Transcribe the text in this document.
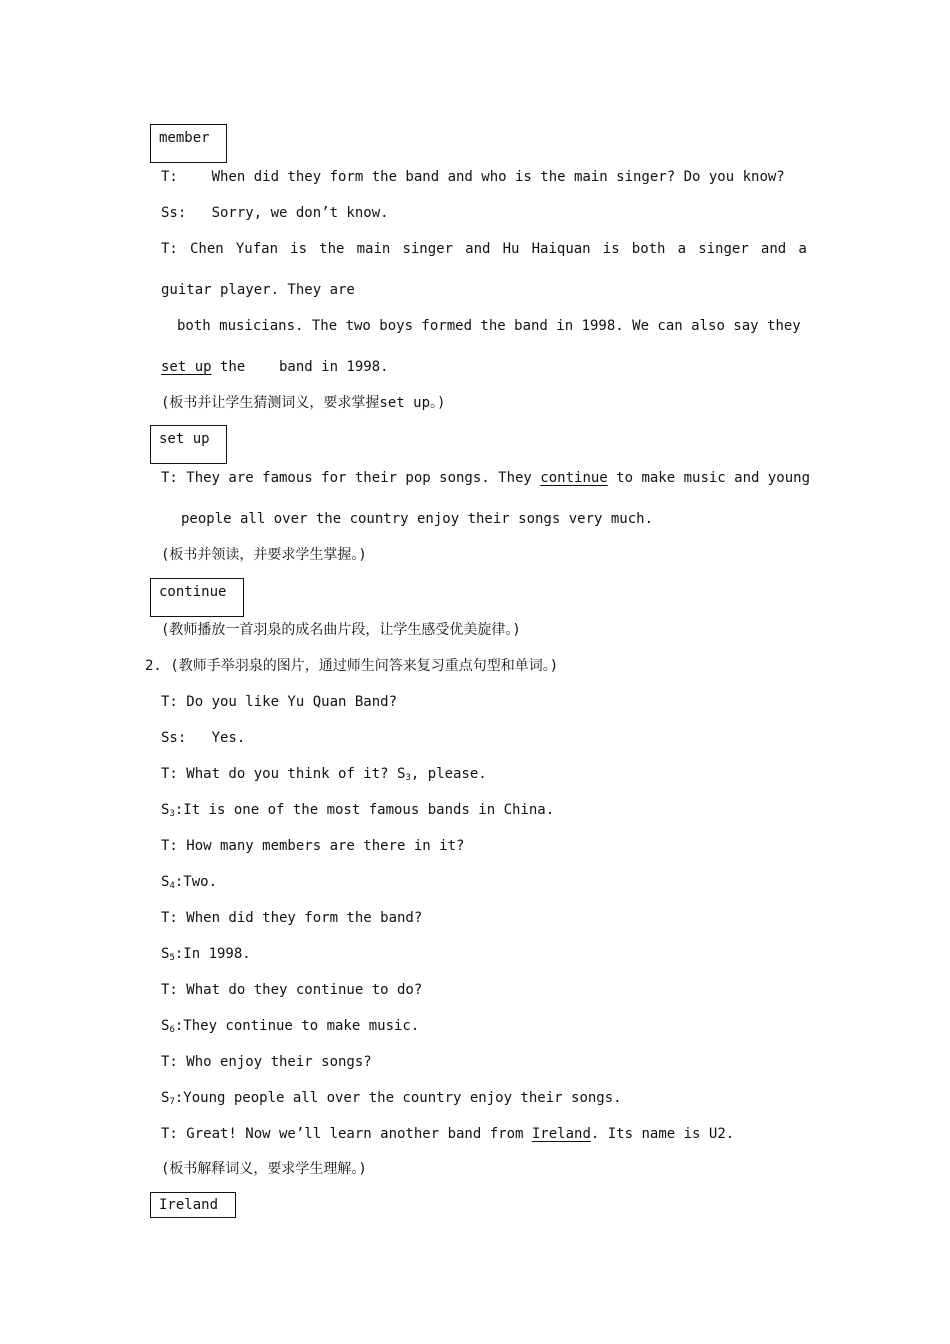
member

T:    When did they form the band and who is the main singer? Do you know?

Ss:   Sorry, we don’t know.

T: Chen Yufan is the main singer and Hu Haiquan is both a singer and a

guitar player. They are

both musicians. The two boys formed the band in 1998. We can also say they

set up the    band in 1998.

(板书并让学生猜测词义，要求掌握set up。)

set up

T: They are famous for their pop songs. They continue to make music and young

people all over the country enjoy their songs very much.

(板书并领读，并要求学生掌握。)

continue

(教师播放一首羽泉的成名曲片段，让学生感受优美旋律。)

2. (教师手举羽泉的图片，通过师生问答来复习重点句型和单词。)

T: Do you like Yu Quan Band?

Ss:   Yes.

T: What do you think of it? $S_3$, please.

$S_3:It$ is one of the most famous bands in China.

T: How many members are there in it?

$S_4:Two$.

T: When did they form the band?

$S_5:In$ 1998.

T: What do they continue to do?

$S_6:They$ continue to make music.

T: Who enjoy their songs?

$S_7:Young$ people all over the country enjoy their songs.

T: Great! Now we’ll learn another band from Ireland. Its name is U2.

(板书解释词义，要求学生理解。)

Ireland
